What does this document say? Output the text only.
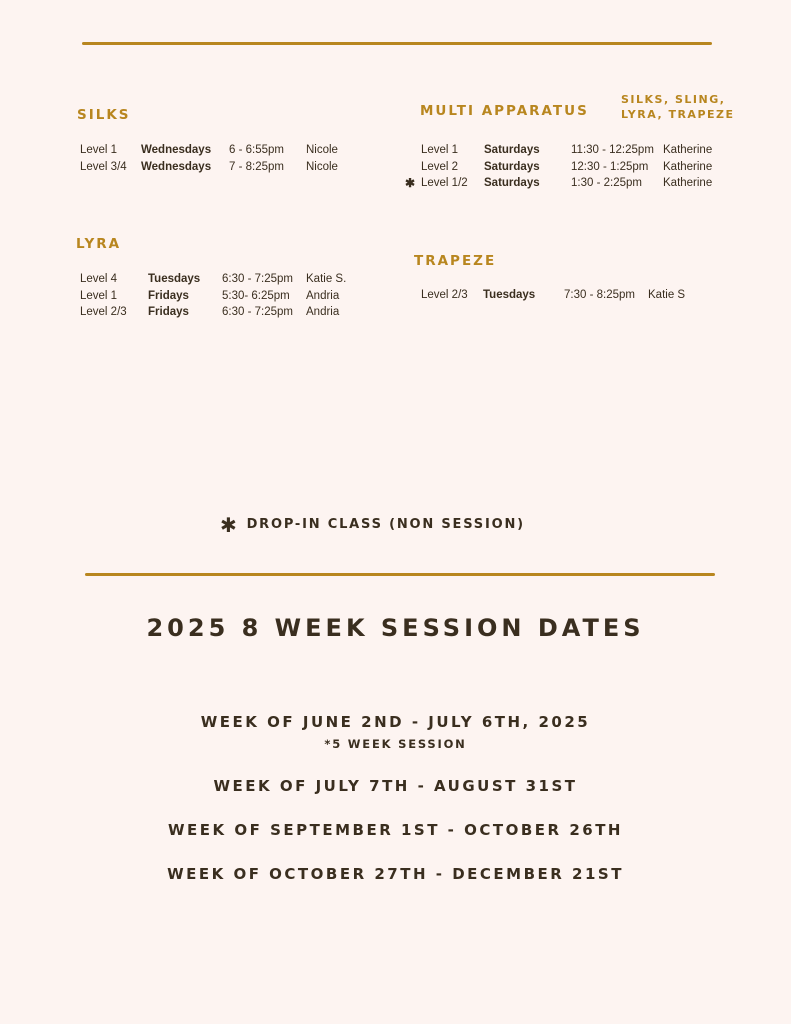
SILKS
Level 1 Wednesdays 6 - 6:55pm Nicole
Level 3/4 Wednesdays 7 - 8:25pm Nicole
MULTI APPARATUS
SILKS, SLING,
LYRA, TRAPEZE
Level 1 Saturdays	11:30 - 12:25pm Katherine
Level 2 Saturdays	12:30 - 1:25pm Katherine
✱ Level 1/2 Saturdays	1:30 - 2:25pm Katherine
LYRA
Level 4	Tuesdays 6:30 - 7:25pm Katie S.
Level 1	Fridays	5:30- 6:25pm Andria
Level 2/3 Fridays	6:30 - 7:25pm Andria
TRAPEZE
Level 2/3 Tuesdays	7:30 - 8:25pm Katie S
✱ DROP-IN CLASS (NON SESSION)
2025 8 WEEK SESSION DATES
WEEK OF JUNE 2ND - JULY 6TH, 2025
*5 WEEK SESSION
WEEK OF JULY 7TH - AUGUST 31ST
WEEK OF SEPTEMBER 1ST - OCTOBER 26TH
WEEK OF OCTOBER 27TH - DECEMBER 21ST
